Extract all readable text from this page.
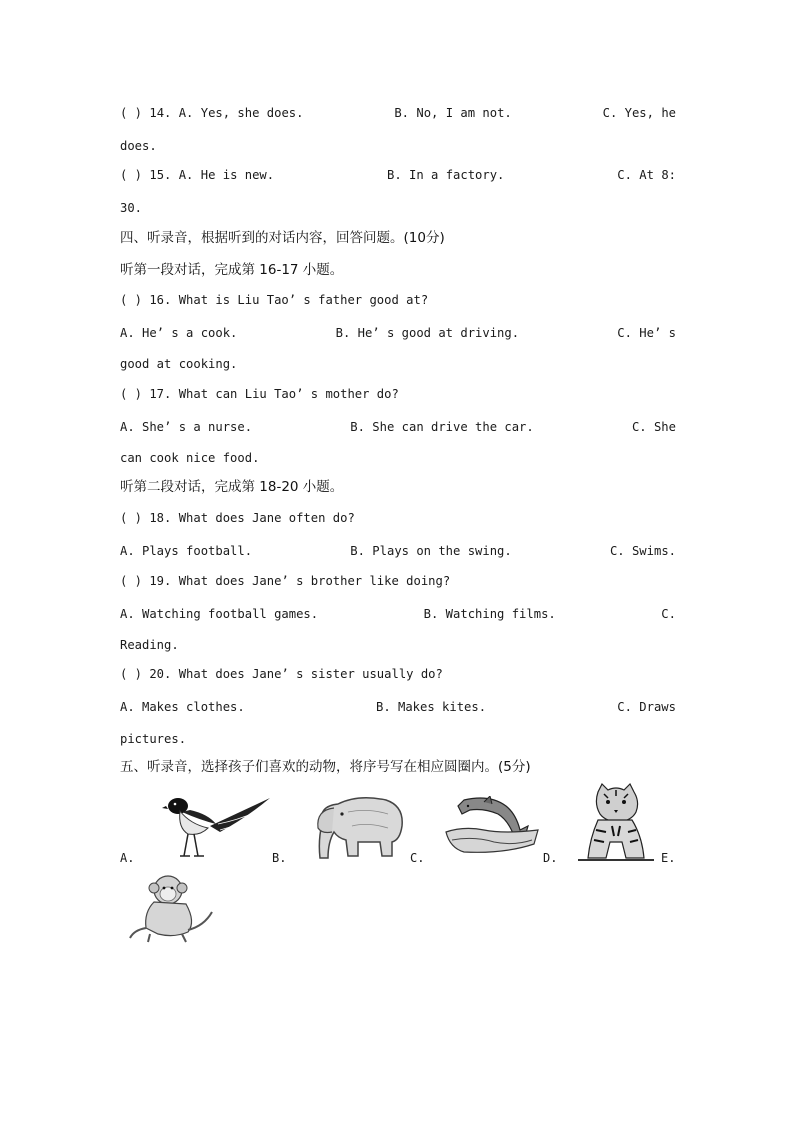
( ) 14. A. Yes, she does.	B. No, I am not.	C. Yes, he
does.
( ) 15. A. He is new.	B. In a factory.	C. At 8:
30.
四、听录音，根据听到的对话内容，回答问题。(10分)
听第一段对话，完成第 16-17 小题。
( ) 16. What is Liu Tao’ s father good at?
A. He’ s a cook.	B. He’ s good at driving.	C. He’ s
good at cooking.
( ) 17. What can Liu Tao’ s mother do?
A. She’ s a nurse.	B. She can drive the car.	C. She
can cook nice food.
听第二段对话，完成第 18-20 小题。
( ) 18. What does Jane often do?
A. Plays football.	B. Plays on the swing.	C. Swims.
( ) 19. What does Jane’ s brother like doing?
A. Watching football games.	B. Watching films.	C.
Reading.
( ) 20. What does Jane’ s sister usually do?
A. Makes clothes.	B. Makes kites.	C. Draws
pictures.
五、听录音，选择孩子们喜欢的动物，将序号写在相应圆圈内。(5分)
A.	B.	C.	D.	E.
